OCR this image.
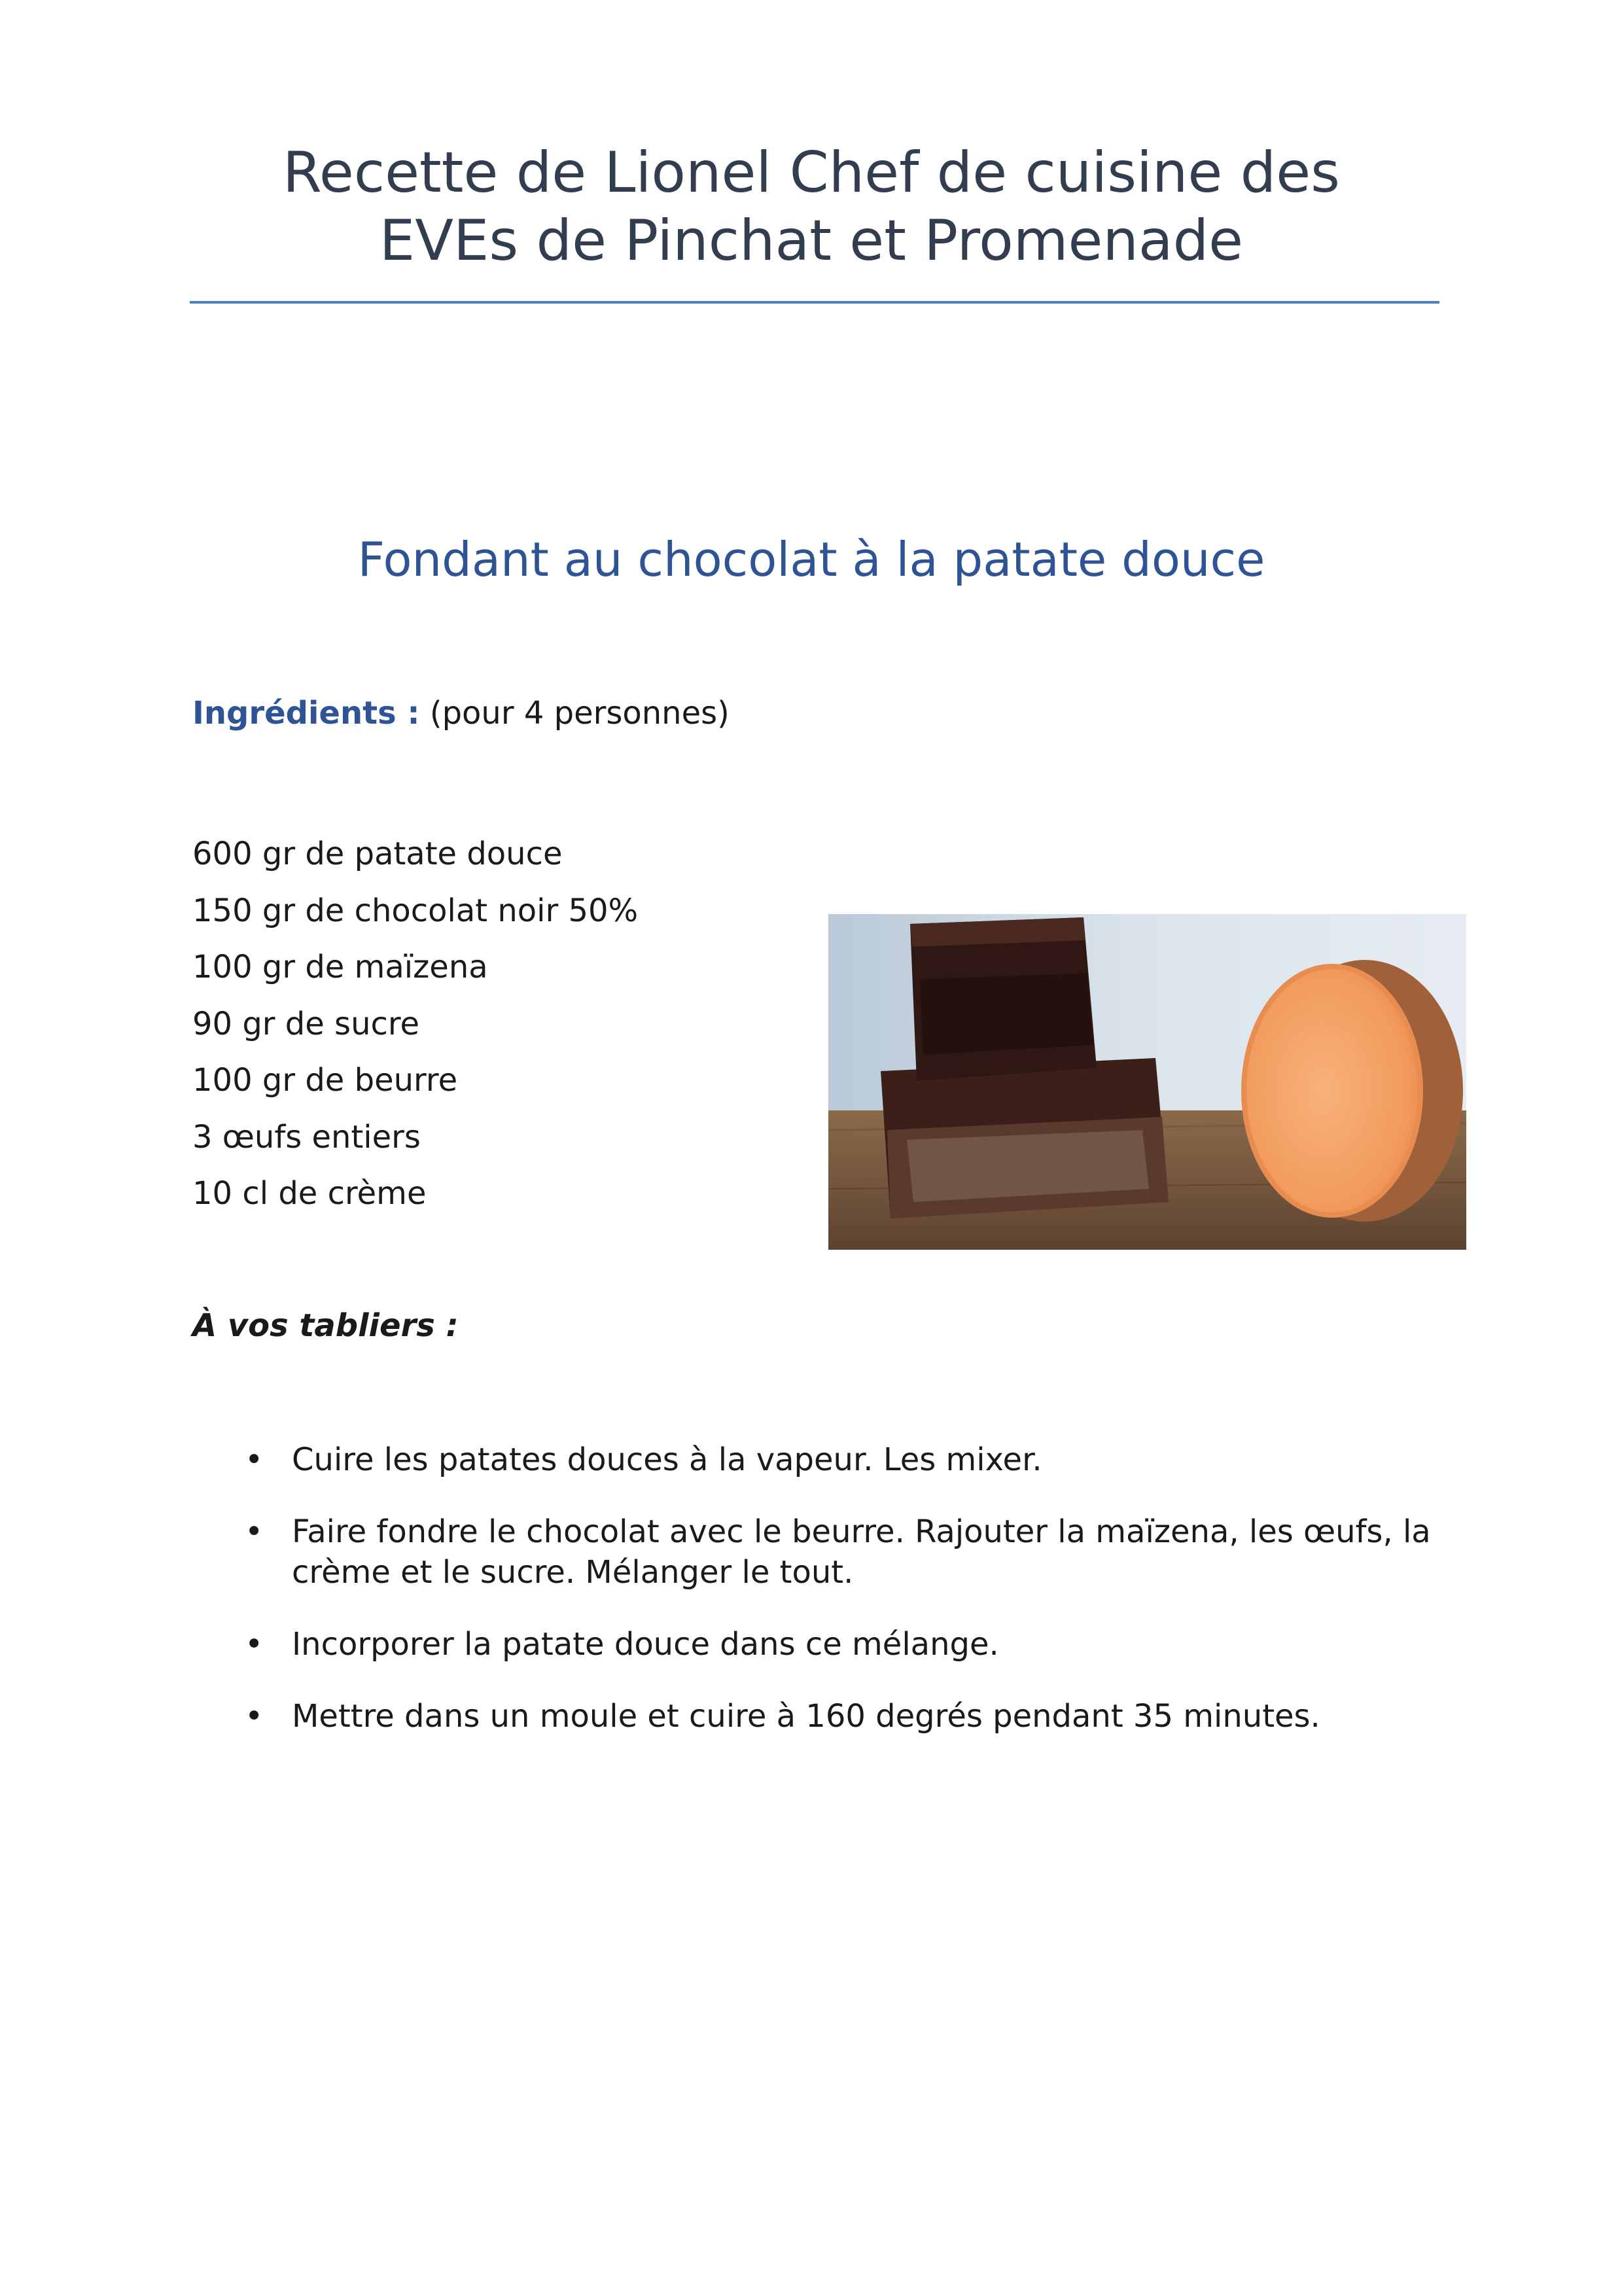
Recette de Lionel Chef de cuisine des
EVEs de Pinchat et Promenade
Fondant au chocolat à la patate douce
Ingrédients : (pour 4 personnes)
600 gr de patate douce
150 gr de chocolat noir 50%
100 gr de maïzena
90 gr de sucre
100 gr de beurre
3 œufs entiers
10 cl de crème
À vos tabliers :
• Cuire les patates douces à la vapeur. Les mixer.
• Faire fondre le chocolat avec le beurre. Rajouter la maïzena, les œufs, la crème et le sucre. Mélanger le tout.
• Incorporer la patate douce dans ce mélange.
• Mettre dans un moule et cuire à 160 degrés pendant 35 minutes.
